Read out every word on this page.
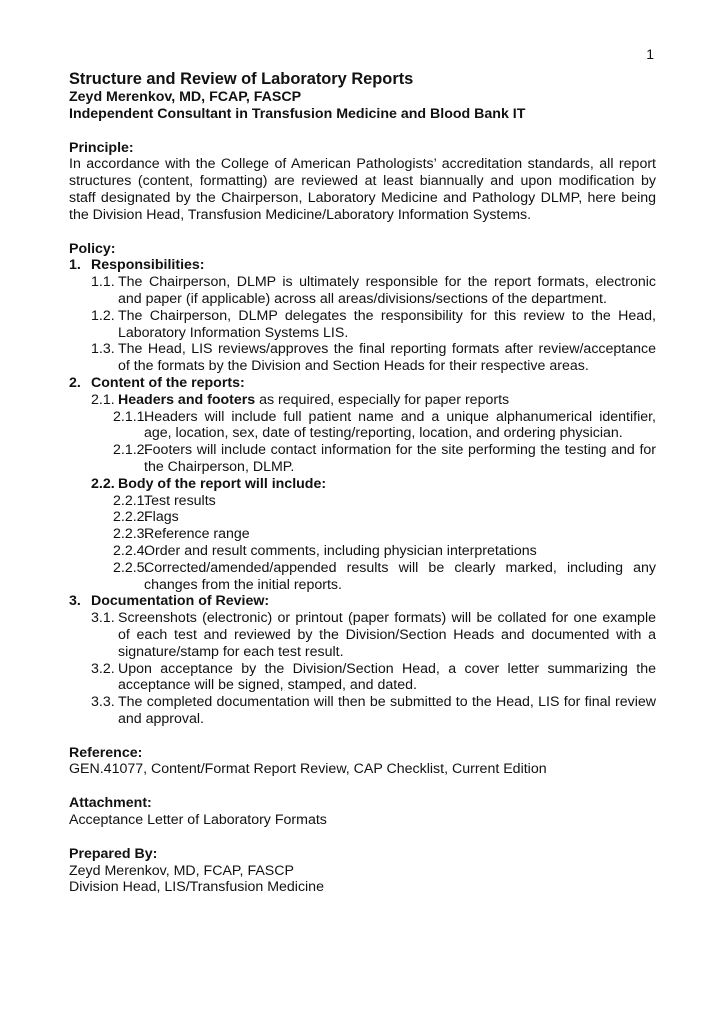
1

Structure and Review of Laboratory Reports

Zeyd Merenkov, MD, FCAP, FASCP

Independent Consultant in Transfusion Medicine and Blood Bank IT

Principle:

In accordance with the College of American Pathologists’ accreditation standards, all report structures (content, formatting) are reviewed at least biannually and upon modification by staff designated by the Chairperson, Laboratory Medicine and Pathology DLMP, here being the Division Head, Transfusion Medicine/Laboratory Information Systems.

Policy:

1. Responsibilities:
1.1. The Chairperson, DLMP is ultimately responsible for the report formats, electronic and paper (if applicable) across all areas/divisions/sections of the department.
1.2. The Chairperson, DLMP delegates the responsibility for this review to the Head, Laboratory Information Systems LIS.
1.3. The Head, LIS reviews/approves the final reporting formats after review/acceptance of the formats by the Division and Section Heads for their respective areas.
2. Content of the reports:
2.1. Headers and footers as required, especially for paper reports
2.1.1.
Headers will include full patient name and a unique alphanumerical identifier, age, location, sex, date of testing/reporting, location, and ordering physician.
2.1.2.
Footers will include contact information for the site performing the testing and for the Chairperson, DLMP.
2.2. Body of the report will include:
2.2.1.
Test results
2.2.2.
Flags
2.2.3.
Reference range
2.2.4.
Order and result comments, including physician interpretations
2.2.5.
Corrected/amended/appended results will be clearly marked, including any changes from the initial reports.
3. Documentation of Review:
3.1. Screenshots (electronic) or printout (paper formats) will be collated for one example of each test and reviewed by the Division/Section Heads and documented with a signature/stamp for each test result.
3.2. Upon acceptance by the Division/Section Head, a cover letter summarizing the acceptance will be signed, stamped, and dated.
3.3. The completed documentation will then be submitted to the Head, LIS for final review and approval.

Reference:

GEN.41077, Content/Format Report Review, CAP Checklist, Current Edition

Attachment:

Acceptance Letter of Laboratory Formats

Prepared By:

Zeyd Merenkov, MD, FCAP, FASCP

Division Head, LIS/Transfusion Medicine
